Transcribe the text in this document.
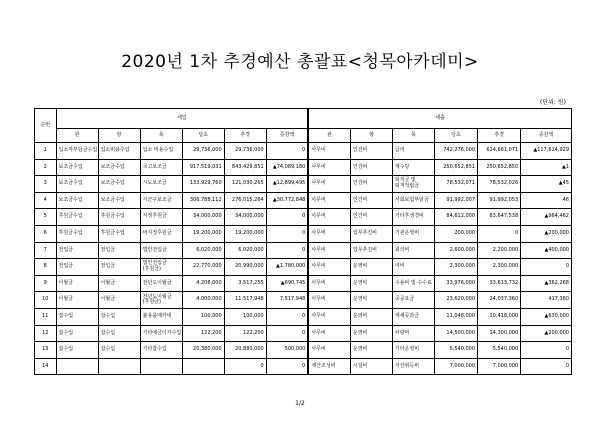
2020년 1차 추경예산 총괄표<청목아카데미>
(단위: 원)
순번	세입						세출					
	관	항	목	당초	추경	증감액	관	항	목	당초	추경	증감액
1	입소자부담금수입	입소비용수입	입소 비용수입	29,736,000	29,736,000	0	사무비	인건비	급여	742,276,000	624,661,071	▲117,614,929
2	보조금수입	보조금수입	국고보조금	917,519,031	843,429,851	▲74,089,180	사무비	인건비	제수당	250,652,851	250,652,850	▲1
3	보조금수입	보조금수입	시도보조금	133,929,760	121,030,265	▲12,899,495	사무비	인건비	퇴직금 및 퇴직적립금	78,532,071	78,532,026	▲45
4	보조금수입	보조금수입	시군구보조금	306,788,112	276,015,264	▲30,772,848	사무비	인건비	사회보험부담금	91,992,007	91,992,053	46
5	후원금수입	후원금수입	지정후원금	34,000,000	34,000,000	0	사무비	인건비	기타후생경비	84,612,000	83,647,538	▲964,462
6	후원금수입	후원금수입	비지정후원금	19,200,000	19,200,000	0	사무비	업무추진비	기관운영비	200,000	0	▲200,000
7	전입금	전입금	법인전입금	6,020,000	6,020,000	0	사무비	업무추진비	회의비	2,600,000	2,200,000	▲400,000
8	전입금	전입금	법인전입금(후원금)	22,770,000	20,990,000	▲1,780,000	사무비	운영비	여비	2,300,000	2,300,000	0
9	이월금	이월금	전년도이월금	4,208,000	3,517,255	▲690,745	사무비	운영비	수용비 및 수수료	33,976,000	33,613,732	▲362,268
10	이월금	이월금	전년도이월금(후원금)	4,000,000	11,517,948	7,517,948	사무비	운영비	공공요금	23,620,000	24,037,360	417,360
11	잡수입	잡수입	불용품매각대	100,000	100,000	0	사무비	운영비	제세공과금	11,048,000	10,418,000	▲630,000
12	잡수입	잡수입	기타예금이자수입	122,200	122,200	0	사무비	운영비	차량비	14,500,000	14,300,000	▲200,000
13	잡수입	잡수입	기타잡수입	20,380,000	20,880,000	500,000	사무비	운영비	기타운영비	5,540,000	5,540,000	0
14					0	0	재산조성비	시설비	자산취득비	7,000,000	7,000,000	0
1/2
